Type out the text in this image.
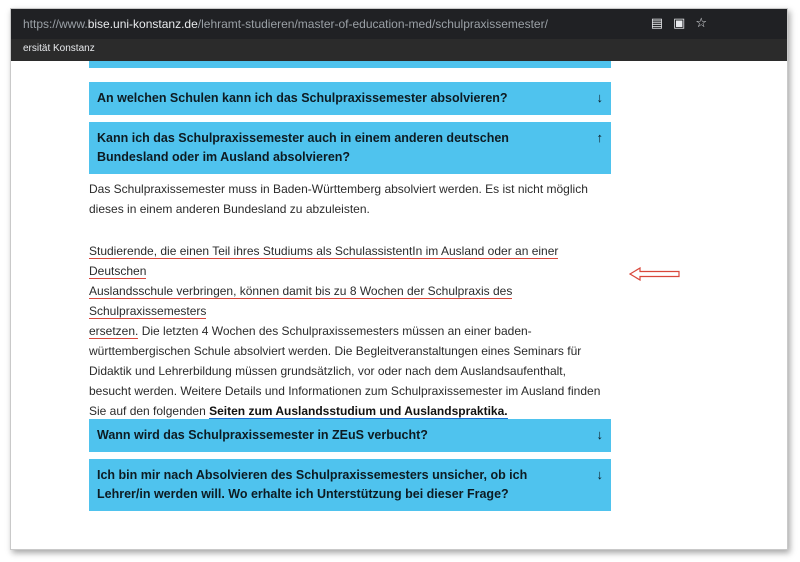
https://www.bise.uni-konstanz.de/lehramt-studieren/master-of-education-med/schulpraxissemester/	▤ ▣ ☆
ersität Konstanz
An welchen Schulen kann ich das Schulpraxissemester absolvieren?	↓
Kann ich das Schulpraxissemester auch in einem anderen deutschen Bundesland oder im Ausland absolvieren?
↑
Das Schulpraxissemester muss in Baden-Württemberg absolviert werden. Es ist nicht möglich dieses in einem anderen Bundesland zu abzuleisten.
Studierende, die einen Teil ihres Studiums als SchulassistentIn im Ausland oder an einer Deutschen
Auslandsschule verbringen, können damit bis zu 8 Wochen der Schulpraxis des Schulpraxissemesters
ersetzen. Die letzten 4 Wochen des Schulpraxissemesters müssen an einer baden-württembergischen Schule absolviert werden. Die Begleitveranstaltungen eines Seminars für Didaktik und Lehrerbildung müssen grundsätzlich, vor oder nach dem Auslandsaufenthalt, besucht werden. Weitere Details und Informationen zum Schulpraxissemester im Ausland finden Sie auf den folgenden Seiten zum Auslandsstudium und Auslandspraktika.
Wann wird das Schulpraxissemester in ZEuS verbucht?	↓
Ich bin mir nach Absolvieren des Schulpraxissemesters unsicher, ob ich Lehrer/in werden will. Wo erhalte ich Unterstützung bei dieser Frage?
↓
